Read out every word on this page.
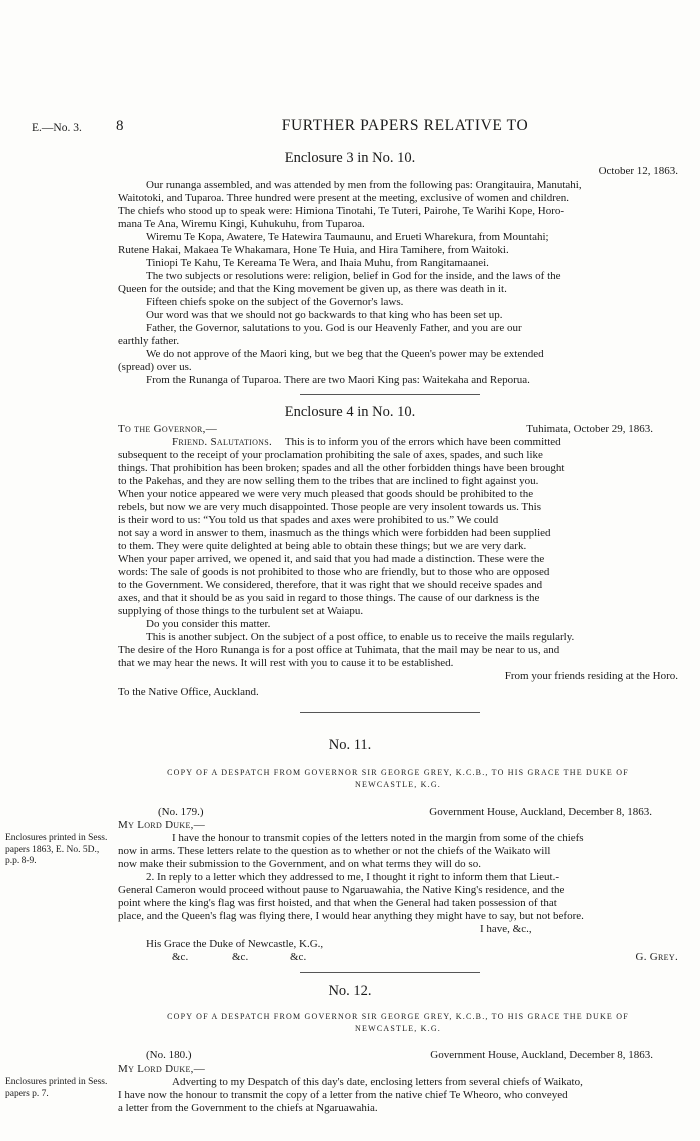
E.—No. 3. 8	FURTHER PAPERS RELATIVE TO
Enclosure 3 in No. 10.
October 12, 1863.
Our runanga assembled, and was attended by men from the following pas: Orangitauira, Manutahi,
Waitotoki, and Tuparoa. Three hundred were present at the meeting, exclusive of women and children.
The chiefs who stood up to speak were: Himiona Tinotahi, Te Tuteri, Pairohe, Te Warihi Kope, Horo-
mana Te Ana, Wiremu Kingi, Kuhukuhu, from Tuparoa.
Wiremu Te Kopa, Awatere, Te Hatewira Taumaunu, and Erueti Wharekura, from Mountahi;
Rutene Hakai, Makaea Te Whakamara, Hone Te Huia, and Hira Tamihere, from Waitoki.
Tiniopi Te Kahu, Te Kereama Te Wera, and Ihaia Muhu, from Rangitamaanei.
The two subjects or resolutions were: religion, belief in God for the inside, and the laws of the
Queen for the outside; and that the King movement be given up, as there was death in it.
Fifteen chiefs spoke on the subject of the Governor's laws.
Our word was that we should not go backwards to that king who has been set up.
Father, the Governor, salutations to you. God is our Heavenly Father, and you are our
earthly father.
We do not approve of the Maori king, but we beg that the Queen's power may be extended
(spread) over us.
From the Runanga of Tuparoa. There are two Maori King pas: Waitekaha and Reporua.
Enclosure 4 in No. 10.
To the Governor,—	Tuhimata, October 29, 1863.
Friend. Salutations. This is to inform you of the errors which have been committed
subsequent to the receipt of your proclamation prohibiting the sale of axes, spades, and such like
things. That prohibition has been broken; spades and all the other forbidden things have been brought
to the Pakehas, and they are now selling them to the tribes that are inclined to fight against you.
When your notice appeared we were very much pleased that goods should be prohibited to the
rebels, but now we are very much disappointed. Those people are very insolent towards us. This
is their word to us: “You told us that spades and axes were prohibited to us.” We could
not say a word in answer to them, inasmuch as the things which were forbidden had been supplied
to them. They were quite delighted at being able to obtain these things; but we are very dark.
When your paper arrived, we opened it, and said that you had made a distinction. These were the
words: The sale of goods is not prohibited to those who are friendly, but to those who are opposed
to the Government. We considered, therefore, that it was right that we should receive spades and
axes, and that it should be as you said in regard to those things. The cause of our darkness is the
supplying of those things to the turbulent set at Waiapu.
Do you consider this matter.
This is another subject. On the subject of a post office, to enable us to receive the mails regularly.
The desire of the Horo Runanga is for a post office at Tuhimata, that the mail may be near to us, and
that we may hear the news. It will rest with you to cause it to be established.
From your friends residing at the Horo.
To the Native Office, Auckland.
No. 11.
COPY OF A DESPATCH FROM GOVERNOR SIR GEORGE GREY, K.C.B., TO HIS GRACE THE DUKE OF
NEWCASTLE, K.G.
(No. 179.)	Government House, Auckland, December 8, 1863.
My Lord Duke,—
Enclosures printed in Sess. papers 1863, E. No. 5D., p.p. 8-9.
I have the honour to transmit copies of the letters noted in the margin from some of the chiefs
now in arms. These letters relate to the question as to whether or not the chiefs of the Waikato will
now make their submission to the Government, and on what terms they will do so.
2. In reply to a letter which they addressed to me, I thought it right to inform them that Lieut.-
General Cameron would proceed without pause to Ngaruawahia, the Native King's residence, and the
point where the king's flag was first hoisted, and that when the General had taken possession of that
place, and the Queen's flag was flying there, I would hear anything they might have to say, but not before.
I have, &c.,
His Grace the Duke of Newcastle, K.G.,
&c.	&c.	&c.	G. Grey.
No. 12.
COPY OF A DESPATCH FROM GOVERNOR SIR GEORGE GREY, K.C.B., TO HIS GRACE THE DUKE OF
NEWCASTLE, K.G.
(No. 180.)	Government House, Auckland, December 8, 1863.
My Lord Duke,—
Enclosures printed in Sess. papers p. 7.
Adverting to my Despatch of this day's date, enclosing letters from several chiefs of Waikato,
I have now the honour to transmit the copy of a letter from the native chief Te Wheoro, who conveyed
a letter from the Government to the chiefs at Ngaruawahia.
